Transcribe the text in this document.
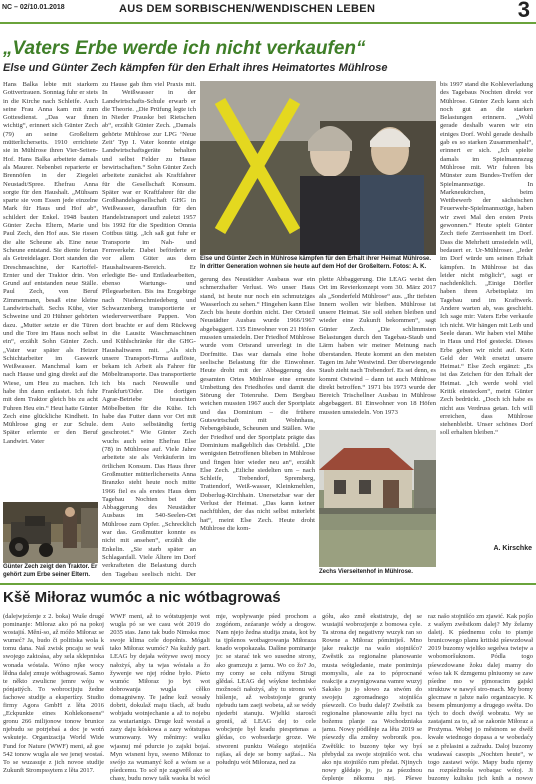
NC – 02/10.01.2018	AUS DEM SORBISCHEN/WENDISCHEN LEBEN	3
„Vaters Erbe werde ich nicht verkaufen“
Else und Günter Zech kämpfen für den Erhalt ihres Heimatortes Mühlrose
Hans Balka lebte mit starkem Gottvertrauen. Sonntag fuhr er stets in die Kirche nach Schleife. Auch seine Frau Anna kam mit zum Gottesdienst. „Das war ihnen wichtig“, erinnert sich Günter Zech (79) an seine Großeltern mütterlicherseits. 1910 errichtete sie in Mühlrose ihren Vier-Seiten-Hof. Hans Balka arbeitete damals als Maurer. Nebenbei reparierte er Brennöfen in der Ziegelei Neustadt/Spree. Ehefrau Anna sorgte für den Haushalt. „Mühsam sparte sie vom Essen jede einzelne Mark für Haus und Hof ab“, schildert der Enkel. 1948 bauten Günter Zechs Eltern, Marie und Paul Zech, den Hof aus. Sie rissen die alte Scheune ab. Eine neue Scheune entstand. Sie diente fortan als Getreidelager. Dort standen die Dreschmaschine, der Kartoffel-Ernter und der Traktor drin. Von Grund auf entstanden neue Ställe. Paul Zech, von Beruf Zimmermann, besaß eine kleine Landwirtschaft. Sechs Kühe, vier Schweine und 20 Hühner gehörten dazu. „Mutter setzte er die Türen und die Tore im Haus noch selbst ein“, erzählt Sohn Günter Zech. „Vater war später als Heizer Schichtarbeiter im Gaswerk Weißwasser. Manchmal kam er nach Hause und ging direkt auf die Wiese, um Heu zu machen. Ich habe ihn dann entlastet. Ich fuhr mit dem Traktor gleich bis zu acht Fuhren Heu ein.“ Heut hatte Günter Zech eine glückliche Kindheit. In Mühlrose ging er zur Schule. Später erlernte er den Beruf Landwirt. Vater
Günter Zech zeigt den Traktor. Er gehört zum Erbe seiner Eltern.
zu Hause gab ihm viel Praxis mit. In Weißwasser in der Landwirtschafts-Schule erwarb er die Theorie. „Die Prüfung legte ich in Nieder Prauske bei Rietschen ab“, erzählt Günter Zech. „Damals gehörte Mühlrose zur LPG ‘Neue Zeit’ Typ I. Vater konnte einige Landwirtschaftsgeräte behalten und selbst Felder zu Hause bewirtschaften.“ Sohn Günter Zech arbeitete zunächst als Kraftfahrer für die Gesellschaft Konsum. Später war er Kraftfahrer für die Großhandelsgesellschaft GHG in Weißwasser, daraufhin für den Handelstransport und zuletzt 1957 bis 1992 für die Spedition Omnia Cottbus tätig. „Ich saß gut fuhr er Transporte im Nah- und Fernverkehr. Dabei beförderte er vor allem Güter aus dem Haushaltwaren-Bereich. Er erledigte Be- und Entladearbeiten, ebenso Wartungs- und Pflegearbeiten. Bis ins Erzgebirge nach Niederschmiedeberg und Schwarzenberg transportierte er wiederverwertbare Pappen. Von dort brachte er auf dem Rückweg in die Lausitz Waschmaschinen und Kühlschränke für die GHG-Haushaltwaren mit. „Als sich unsere Transport-Firma auflöste, bekam ich Arbeit als Fahrer für Möbeltransporte. Das transportierte ich bis nach Neuwulle und Frankfurt/Oder. Die dortigen Agrar-Betriebe brauchten Möbelbetten für die Kühe. Ich habe das Futter dann vor Ort mit dem Auto selbständig fertig geschrotet.“ Wie Günter Zech wuchs auch seine Ehefrau Else (78) in Mühlrose auf. Viele Jahre arbeitete sie als Verkäuferin im örtlichen Konsum. Das Haus ihrer Großmutter mütterlicherseits Anna Branzko steht heute noch mitte 1966 fiel es als erstes Haus dem Tagebau Nochten bei der Abbaggerung des Neustädter Ausbaus im 540-Seelen-Ort Mühlrose zum Opfer. „Schrecklich war das. Großmutter konnte es nicht mit ansehen“, erzählt die Enkelin. „Sie starb später an Schlaganfall. Viele Ältere im Dorf verkrafteten die Belastung durch den Tagebau seelisch nicht. Der
Else und Günter Zech in Mühlrose kämpfen für den Erhalt ihrer Heimat Mühlrose. In dritter Generation wohnen sie heute auf dem Hof der Großeltern. Fotos: A. K.
gerung des Neustädter Ausbaus war ein schmerzhafter Verlust. Wo unser Haus stand, ist heute nur noch ein schmutziges Wasserloch zu sehen.“ Hingehen kann Else Zech bis heute dorthin nicht. Der Ortsteil Neustädter Ausbau wurde 1966/1967 abgebaggert. 135 Einwohner von 21 Höfen mussten umsiedeln. Der Friedhof Mühlrose wurde vom Ortsrand unverlegt in die Dorfmitte. Das war damals eine hohe seelische Belastung für die Einwohner. Heute droht mit der Abbaggerung des gesamten Ortes Mühlrose eine erneute Umbettung des Friedhofes und damit die Störung der Totenruhe. Dem Bergbau weichen mussten 1967 auch der Sportplatz und das Dominium – die frühere Gutswirtschaft mit Wohnhaus, Nebengebäude, Scheunen und Ställen. Wie der Friedhof und der Sportplatz prägte das Dominium maßgeblich das Ortsbild. „Die wenigsten Betroffenen blieben in Mühlrose und fingen hier wieder neu an“, erzählt Else Zech. „Etliche siedelten um – nach Schleife, Trebendorf, Spremberg, Trattendorf, Weiß-wasser, Kleinkmehlen, Doberlug-Kirchhain. Unersetzbar war der Verlust der Heimat. „Das kann keiner nachfühlen, der das nicht selbst miterlebt hat“, meint Else Zech. Heute droht Mühlrose die kom-
plette Abbaggerung. Die LEAG weist den Ort im Revierkonzept vom 30. März 2017 als „Sonderfeld Mühlrose“ aus. „Ihr tiefsten Innern wollen wir bleiben. Mühlrose ist unsere Heimat. Sie soll stehen bleiben und wieder eine Zukunft bekommen“, sagt Günter Zech. „Die schlimmsten Belastungen durch den Tagebau-Staub und Lärm haben wir meiner Meinung nach überstanden. Heute kommt an den meisten Tagen im Jahr Westwind. Der überwiegende Staub zieht nach Trebendorf. Es sei denn, es kommt Ostwind – dann ist auch Mühlrose direkt betroffen.“ 1971 bis 1973 wurde der Bereich Trischellner Ausbau in Mühlrose abgebaggert. 81 Einwohner von 18 Höfen mussten umsiedeln. Von 1973
Zechs Vierseitenhof in Mühlrose.
bis 1997 stand die Kohleverladung des Tagebaus Nochten direkt vor Mühlrose. Günter Zech kann sich noch gut an die starken Belastungen erinnern. „Wohl gerade deshalb waren wir ein einiges Dorf. Wohl gerade deshalb gab es so starken Zusammenhalt“, erinnert er sich. „Ich spielte damals im Spielmannszug Mühlrose mit. Wir fuhren bis Münster zum Bundes-Treffen der Spielmannszüge. In Markneukirchen, beim Wettbewerb der sächsischen Feuerwehr-Spielmannszüge, haben wir zwei Mal den ersten Preis gewonnen.“ Heute spielt Günter Zech tiefe Zerrissenheit im Dorf. Dass die Mehrheit umsiedeln will, bedauert er. Ur-Mühlroser. „Jeder im Dorf würde um seinen Erhalt kämpfen. In Mühlrose ist das leider nicht möglich“, sagt er nachdenklich. „Einige Dörfler haben ihren Arbeitsplatz im Tagebau und im Kraftwerk. Andere warten ab, was geschieht. Ich sage mir: Vaters Erbe verkaufe ich nicht. Wir hängen mit Leib und Seele daran. Wir haben viel Mühe in Haus und Hof gesteckt. Dieses Erbe geben wir nicht auf. Kein Geld der Welt ersetzt unsere Heimat.“ Else Zech ergänzt: „Es ist das Zeichen für den Erhalt der Heimat. „Ich werde wohl viel Kritik einstecken“, meint Günter Zech bedrückt. „Doch ich habe es nicht aus Verdruss getan. Ich will erreichen, dass Mühlrose stehenbleibt. Unser schönes Dorf soll erhalten bleiben.“
A. Kirschke
Kšě Miłoraz wumóc a nic wótbagrowaś
(dalejwjeźenje z 2. boka) Wuše drugé pominanje: Miłoraz ako pó na pokoj wostajiś. Mění-so, až móžo Miłoraz se wumeć? Ja, budo či politiska wola k tomu dana. Naš zwisk pncaju se wuš swojego zaktoása, aby sela sklepniska wonada wóstala. Wóno njke wocy lědna dalej zmuje wótbagrowaś. Samo te někto zwulicne jemre wóju w pónjatiých. To wobrocijuju žedne fachowe studije a ekspertízy. Studio firmy Agora GmbH z lěta 2016 „Eckpunkte eines Kohlekonsens“ gronu 266 milijonow tonow brunice njebudu se potrjebaś a doc je wotń wskuteje. Organizacija World Wide Fund for Nature (WWF) meni, až goe 542 tonow wugla ale we jenej wostaś. To se wuzasuje z jich novoe studije Zukunft Strompssytem z lěta 2017.
WWF meni, až to wótstupjenje wot wugla pó se we casu wót 2019 do 2035 stas. Jano tak budo Nimska moc swoje klima cele dopołnis. Mógali tako Miłoraz wumóc? Na kuždy part. LEAG by dejała wótywe swoj mocy nałożyś, aby ta wjas wóstała a žo žywenje we njej ródne było. Pśeto wumóc Miłoraz jo byt wot dobrowanja wugla cěłko domagniwny. Te jadne kuž wosały dobrit, dokulaž maju tšach, až budu wobjadu wotnjechanie a až to nojebu za wutarianigo. Druge kuž wostaš a zazy daju kóskowa a zazy wótstupas wumowany. Wy měnimy: wulku wjasnuj mé pdurcie jo zajski bojaś. Myn wisneni hyu, sweno Miłoraz to swójo za wumanyć kcě a wósm se a pśedcemu. To scě nje zagwrěš ako se chasy, budu nowy tašk waoka bi wócł
mje, wopływanje pśed prochom a zogóńom, zeźaranje wódy a drogow. Nam njejo žedna studija znata, kot by ta tjpšenos wotbagrowanja Miłoraza knado wopokazała. Dalšne pominanje jo: se starać tek wo susedne strony, ako gramzuju z jamu. Wo co žo? Jo, my comy se cełu nižynu Strugi glědaś. LEAG dej wśykne techniske možnosći nałożyś, aby tu stronu wó hiślenje, až wobstojonje grunty njebudu tam zaeji wobeta, až se wódy njederbi stanuju. Wjeliki starosći groniš, až LEAG dej to cele wobcjenje był kradu piesprtenas a glédas, co wobsedarje groze. We stworeni punktu Wašego stejnišća rajšas, aš deje se bomy sajžaś... Na połudnju wót Miłoraza, ned za
gółu, ako změ ekstistruje, dej se wustajiś wobrozjenje z bomowa cyłe. Ta strona dej negativny wuzyk ran so Rowne a Miłoraz póminiješ. Mno jake reakcije na wašo stojnišćo? Zwěstik za regionalne płanowanie musta wótgledanie, mate poniminja momyslis, ale za to póprocnané reakcije a zwynigowana vamre wuzyj Saksko ju jo słowo za stwóm do swojeju zgromadnego stojnišća pśewzeli. Co budu dalej? Zwěstik za regionalne płanowanie zělu byci na božemu planje za Wochodzniaka jamu. Nowy pódlěnje za lěta 2019 se pśewzdy dla změny wobronik pos. Zwětšik: to buzony tęke wy byś přebydal za swoje stojnišćo wot. cha ako nju stojnišćo rum předat. Njinych nowy glědajo jo, jo za pśezdnou čeplenje někomu njej. Pšewe
raz našo stojnišćo zm zjawić. Kak pojšo z wašym zwěstkom dalej? My želamy daleij. K pśednemu colu to pismje brunicowego planu kritiski pśewzdował 2019 buzomy wjeliko segelwa twiejw a wobomoršuknom. Pódla togo pśewzdowane žoku dalej mamy do wóso tak K dzmgemu plniuomy se zaw pśedne mo w pjmoracim gajski struktuw w nawyš stro-mach. My bomy glecmaw n jabze našo organizacyie. K besem płmunjomy a drugego swěta. Do tých to doch dwójl wobratu. Wy se zastajami za to, až se zakonie Miłoraz a Prożyma. Wobej jo městnom se dwěž kwałe wiednogo dopasa a w wobedaćy se z přelasini a zažradu. Daloj buzomy wudawaś casopis „Nochten heute“, w togo zastawi wóje. Mapy budu njemy na rozpśežinoša wobaqac wótoj. Ji buzomy kulisku jich knih a nowsy
